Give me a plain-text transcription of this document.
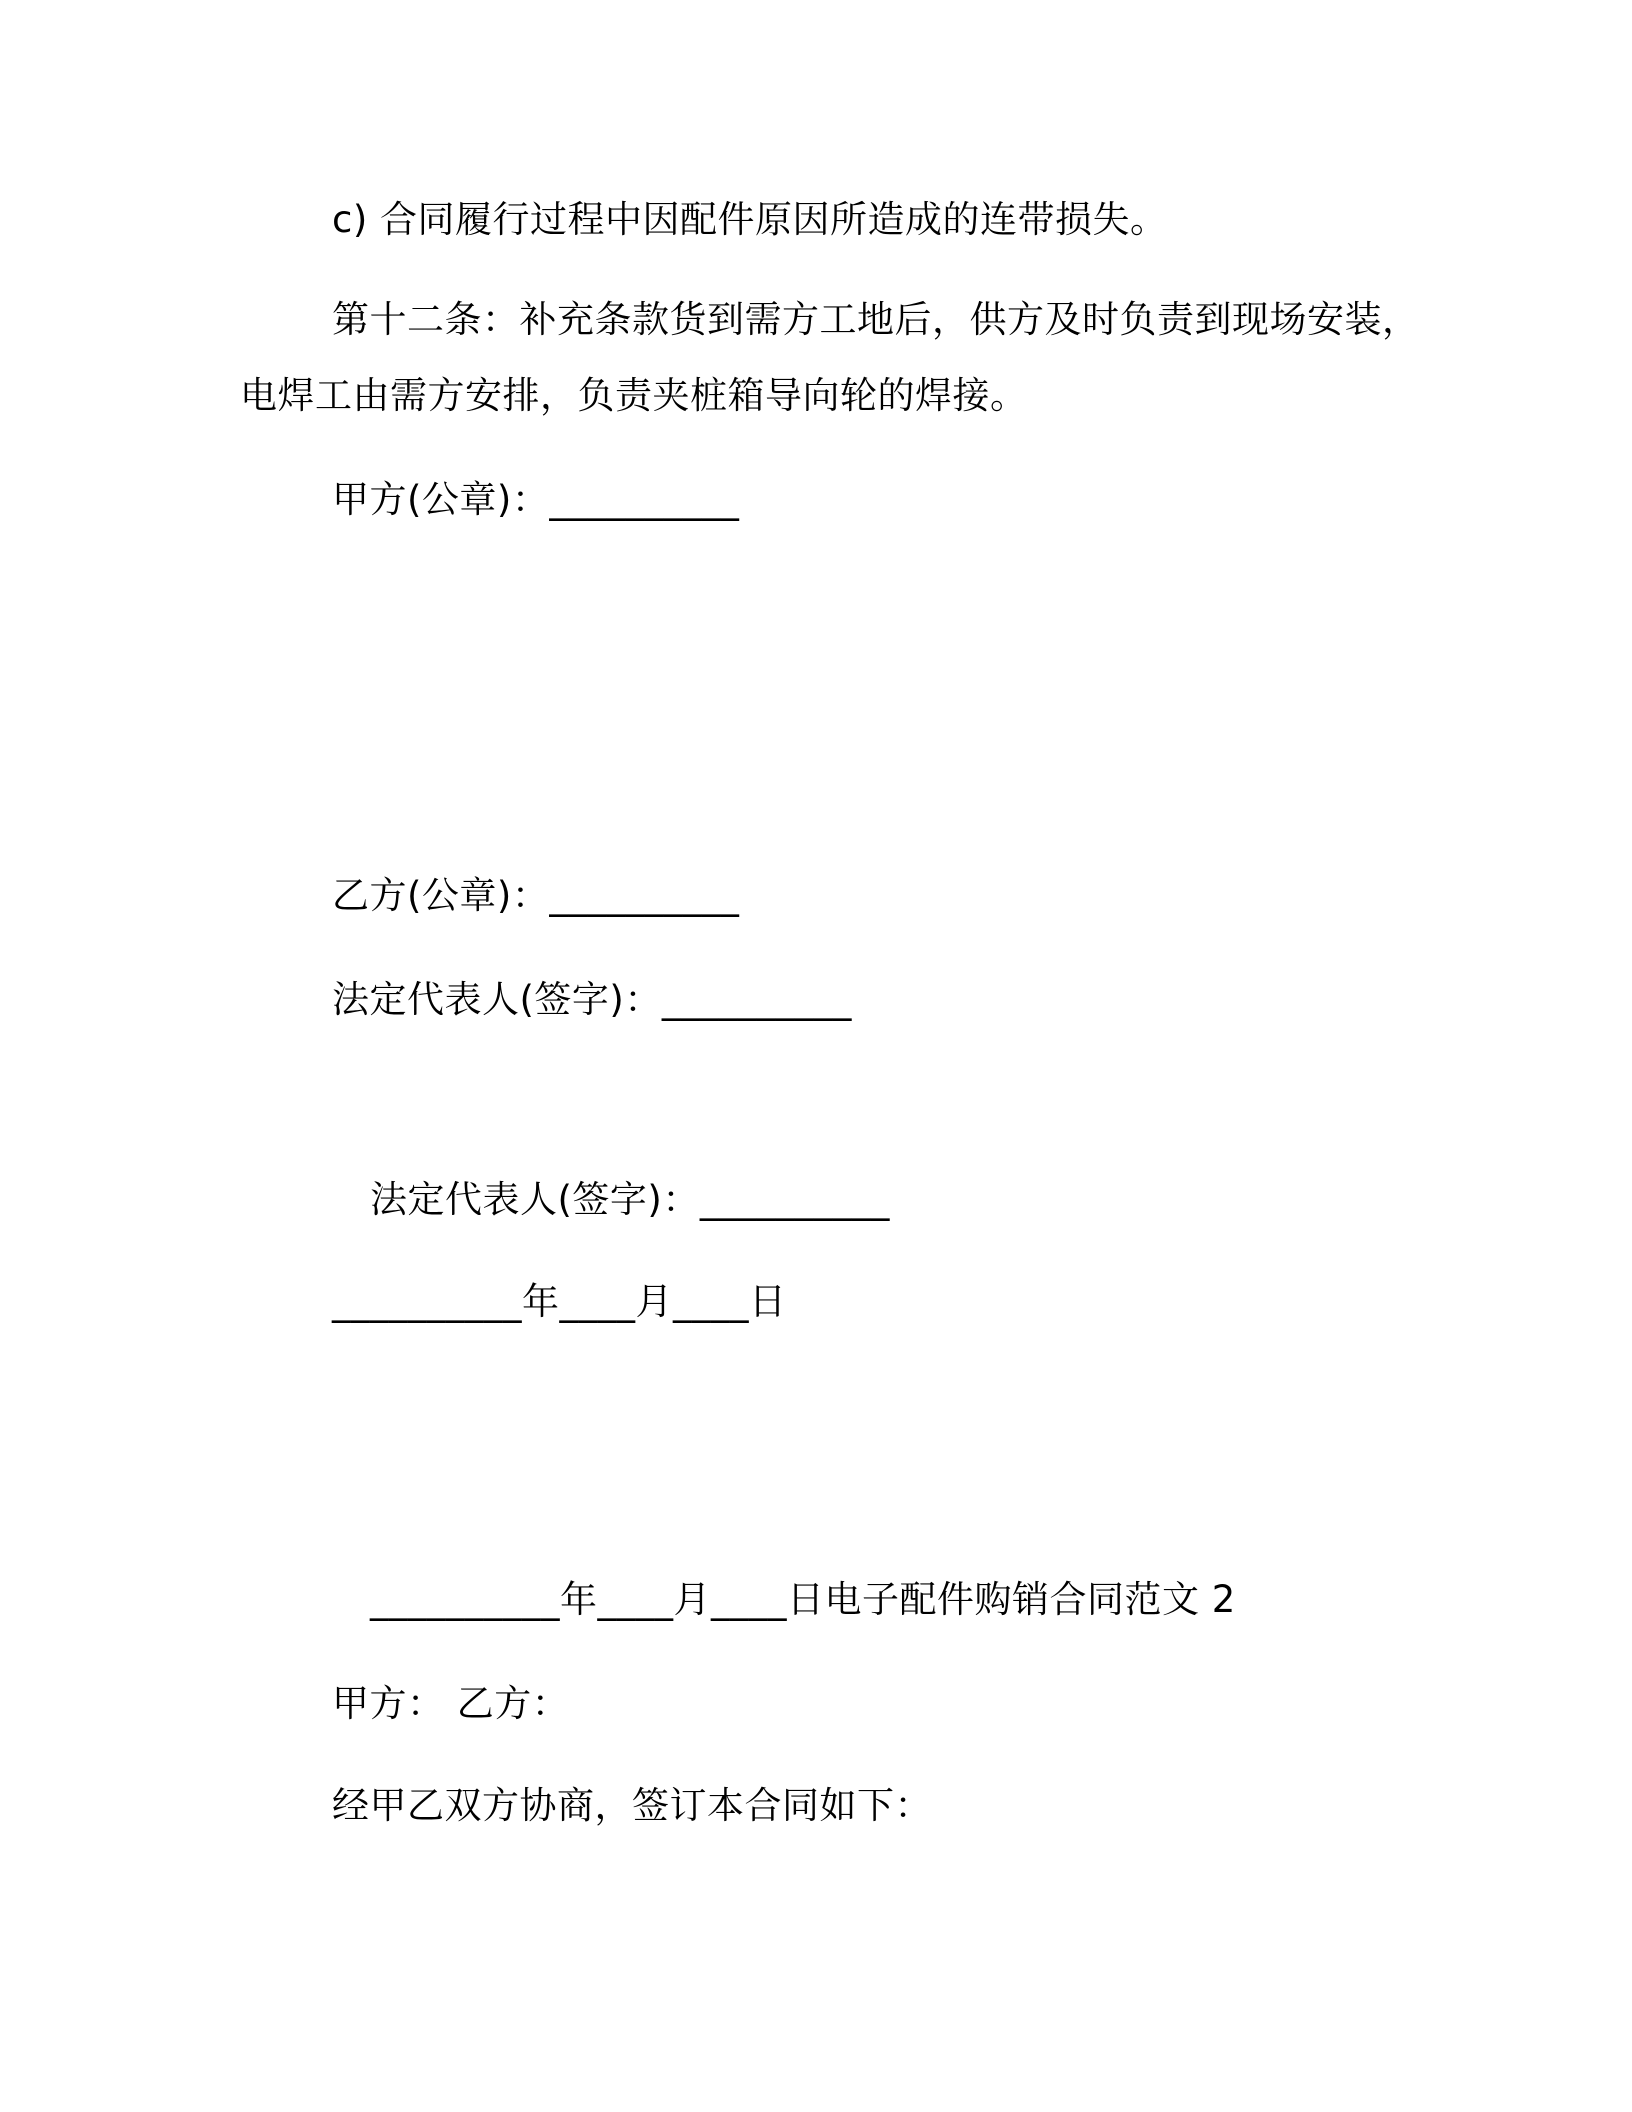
c) 合同履行过程中因配件原因所造成的连带损失。
第十二条：补充条款货到需方工地后，供方及时负责到现场安装，
电焊工由需方安排，负责夹桩箱导向轮的焊接。
甲方(公章)：__________
乙方(公章)：__________
法定代表人(签字)：__________
法定代表人(签字)：__________
__________年____月____日
__________年____月____日电子配件购销合同范文 2
甲方： 乙方：
经甲乙双方协商，签订本合同如下：
